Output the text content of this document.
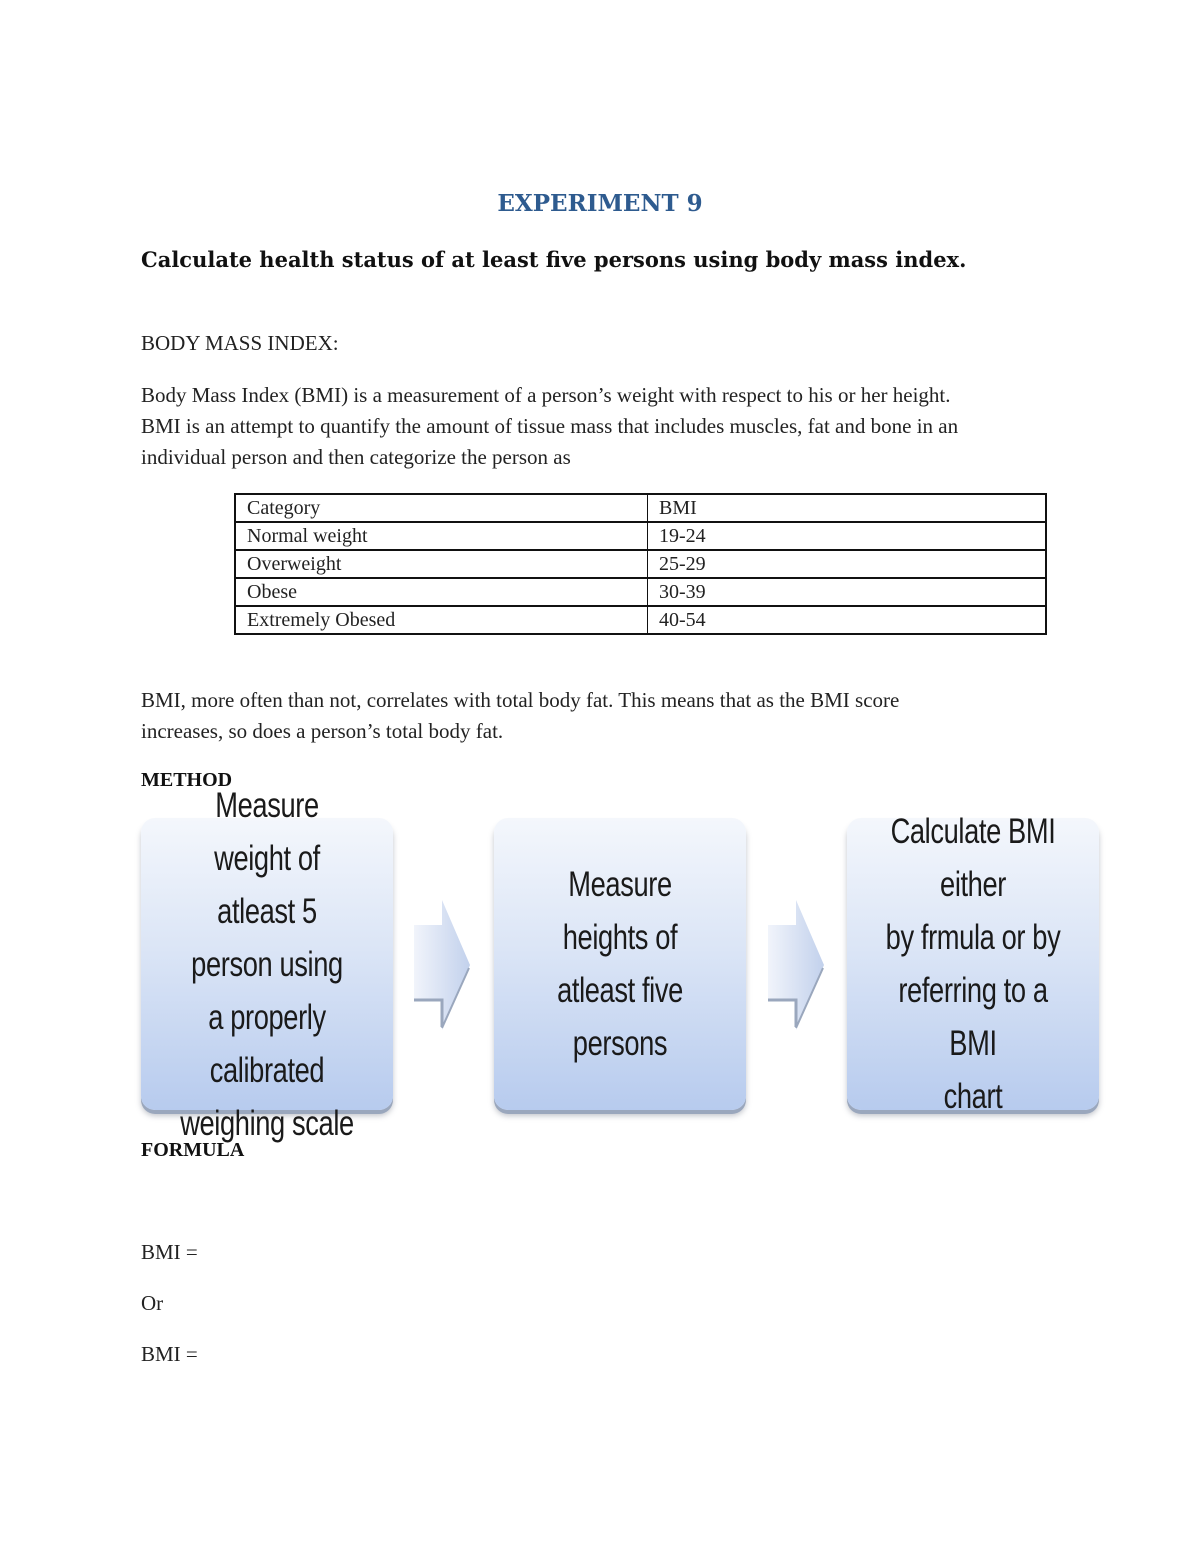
EXPERIMENT 9
Calculate health status of at least five persons using body mass index.
BODY MASS INDEX:
Body Mass Index (BMI) is a measurement of a person’s weight with respect to his or her height.
BMI is an attempt to quantify the amount of tissue mass that includes muscles, fat and bone in an
individual person and then categorize the person as
Category	BMI
Normal weight	19-24
Overweight	25-29
Obese	30-39
Extremely Obesed	40-54
BMI, more often than not, correlates with total body fat. This means that as the BMI score
increases, so does a person’s total body fat.
METHOD
Measure weight of
atleast 5 person using
a properly calibrated
weighing scale
Measure heights of
atleast five persons
Calculate BMI either
by frmula or by
referring to a BMI
chart
FORMULA
BMI =
Or
BMI =
